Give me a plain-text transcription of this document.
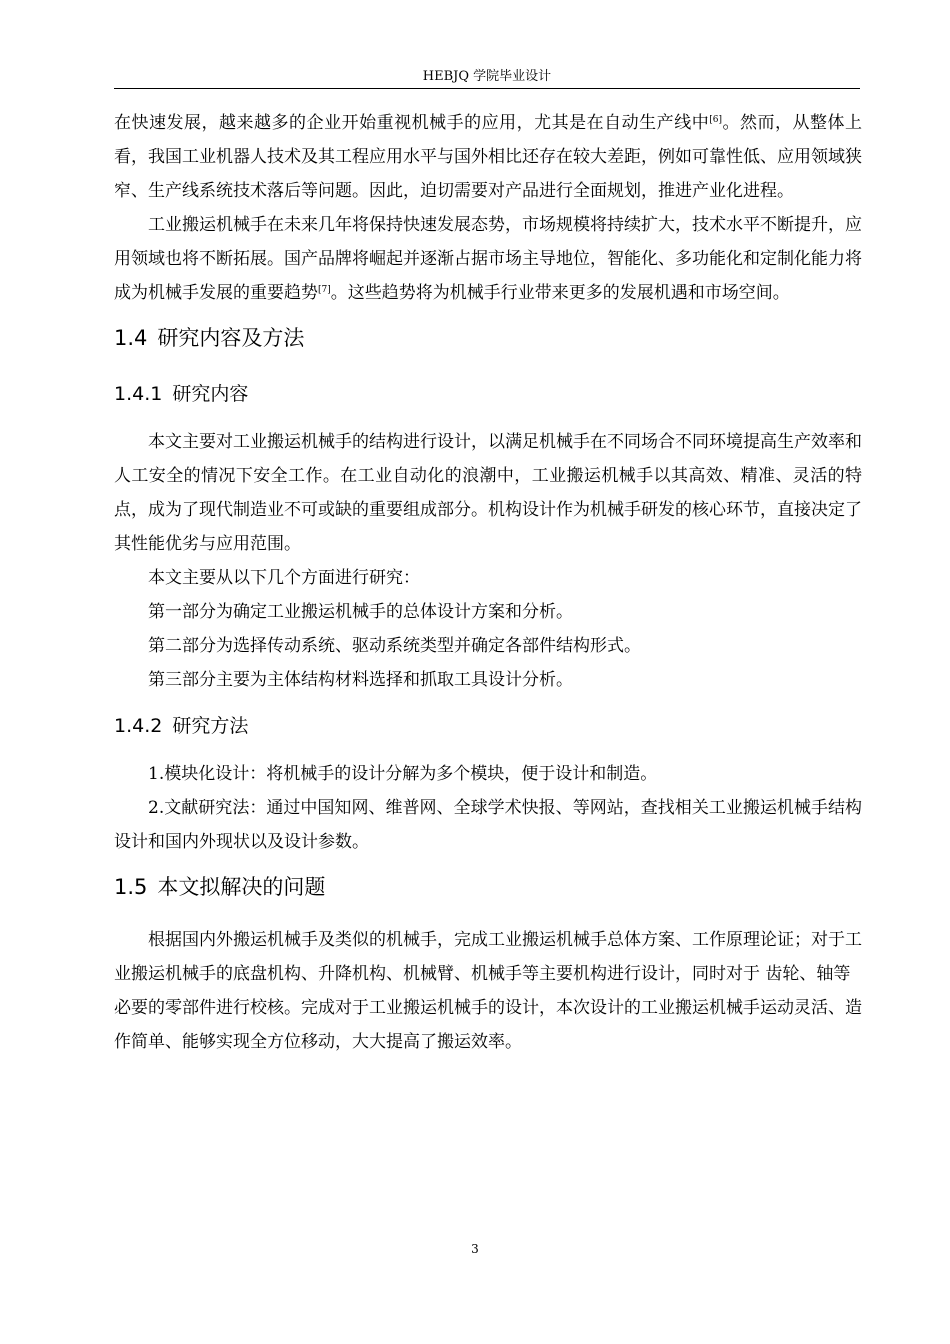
HEBJQ 学院毕业设计

在快速发展，越来越多的企业开始重视机械手的应用，尤其是在自动生产线中[6]。然而，从整体上看，我国工业机器人技术及其工程应用水平与国外相比还存在较大差距，例如可靠性低、应用领域狭窄、生产线系统技术落后等问题。因此，迫切需要对产品进行全面规划，推进产业化进程。

工业搬运机械手在未来几年将保持快速发展态势，市场规模将持续扩大，技术水平不断提升，应用领域也将不断拓展。国产品牌将崛起并逐渐占据市场主导地位，智能化、多功能化和定制化能力将成为机械手发展的重要趋势[7]。这些趋势将为机械手行业带来更多的发展机遇和市场空间。

1.4 研究内容及方法
1.4.1 研究内容

本文主要对工业搬运机械手的结构进行设计，以满足机械手在不同场合不同环境提高生产效率和人工安全的情况下安全工作。在工业自动化的浪潮中，工业搬运机械手以其高效、精准、灵活的特点，成为了现代制造业不可或缺的重要组成部分。机构设计作为机械手研发的核心环节，直接决定了其性能优劣与应用范围。

本文主要从以下几个方面进行研究：

第一部分为确定工业搬运机械手的总体设计方案和分析。

第二部分为选择传动系统、驱动系统类型并确定各部件结构形式。

第三部分主要为主体结构材料选择和抓取工具设计分析。

1.4.2 研究方法

1.模块化设计：将机械手的设计分解为多个模块，便于设计和制造。

2.文献研究法：通过中国知网、维普网、全球学术快报、等网站，查找相关工业搬运机械手结构设计和国内外现状以及设计参数。

1.5 本文拟解决的问题

根据国内外搬运机械手及类似的机械手，完成工业搬运机械手总体方案、工作原理论证；对于工业搬运机械手的底盘机构、升降机构、机械臂、机械手等主要机构进行设计，同时对于 齿轮、轴等必要的零部件进行校核。完成对于工业搬运机械手的设计，本次设计的工业搬运机械手运动灵活、造作简单、能够实现全方位移动，大大提高了搬运效率。

3
